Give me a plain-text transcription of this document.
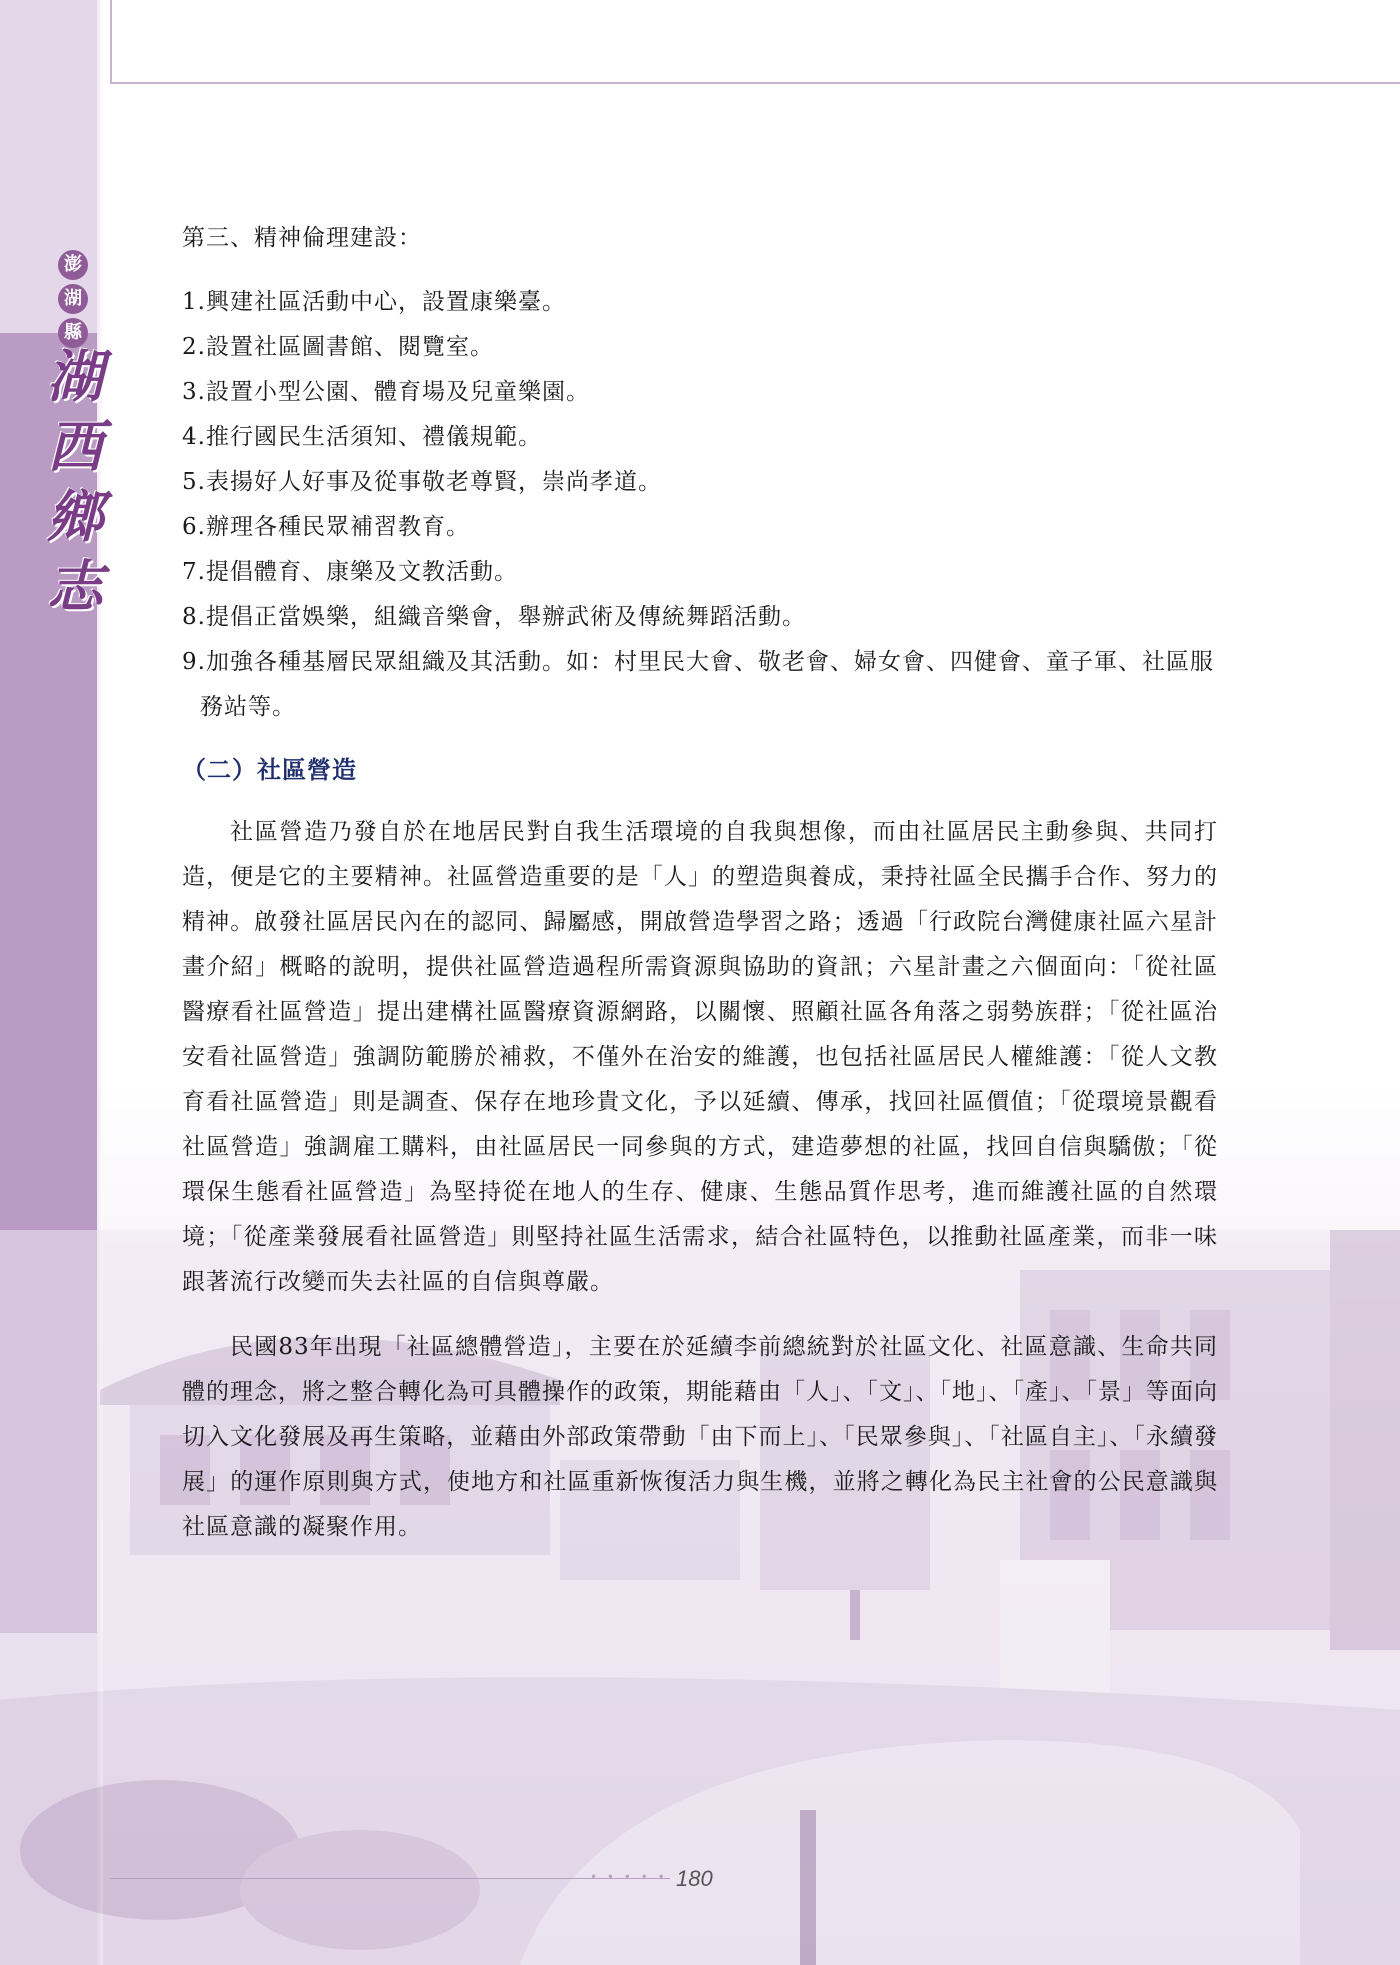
澎
湖
縣
湖
西
鄉
志
第三、精神倫理建設：
1.興建社區活動中心，設置康樂臺。
2.設置社區圖書館、閱覽室。
3.設置小型公園、體育場及兒童樂園。
4.推行國民生活須知、禮儀規範。
5.表揚好人好事及從事敬老尊賢，崇尚孝道。
6.辦理各種民眾補習教育。
7.提倡體育、康樂及文教活動。
8.提倡正當娛樂，組織音樂會，舉辦武術及傳統舞蹈活動。
9.加強各種基層民眾組織及其活動。如：村里民大會、敬老會、婦女會、四健會、童子軍、社區服務站等。
（二）社區營造

社區營造乃發自於在地居民對自我生活環境的自我與想像，而由社區居民主動參與、共同打造，便是它的主要精神。社區營造重要的是「人」的塑造與養成，秉持社區全民攜手合作、努力的精神。啟發社區居民內在的認同、歸屬感，開啟營造學習之路；透過「行政院台灣健康社區六星計畫介紹」概略的說明，提供社區營造過程所需資源與協助的資訊；六星計畫之六個面向：「從社區醫療看社區營造」提出建構社區醫療資源網路，以關懷、照顧社區各角落之弱勢族群；「從社區治安看社區營造」強調防範勝於補救，不僅外在治安的維護，也包括社區居民人權維護：「從人文教育看社區營造」則是調查、保存在地珍貴文化，予以延續、傳承，找回社區價值；「從環境景觀看社區營造」強調雇工購料，由社區居民一同參與的方式，建造夢想的社區，找回自信與驕傲；「從環保生態看社區營造」為堅持從在地人的生存、健康、生態品質作思考，進而維護社區的自然環境；「從產業發展看社區營造」則堅持社區生活需求，結合社區特色，以推動社區產業，而非一味跟著流行改變而失去社區的自信與尊嚴。

民國83年出現「社區總體營造」，主要在於延續李前總統對於社區文化、社區意識、生命共同體的理念，將之整合轉化為可具體操作的政策，期能藉由「人」、「文」、「地」、「產」、「景」等面向切入文化發展及再生策略，並藉由外部政策帶動「由下而上」、「民眾參與」、「社區自主」、「永續發展」的運作原則與方式，使地方和社區重新恢復活力與生機，並將之轉化為民主社會的公民意識與社區意識的凝聚作用。

• • • • • 180
